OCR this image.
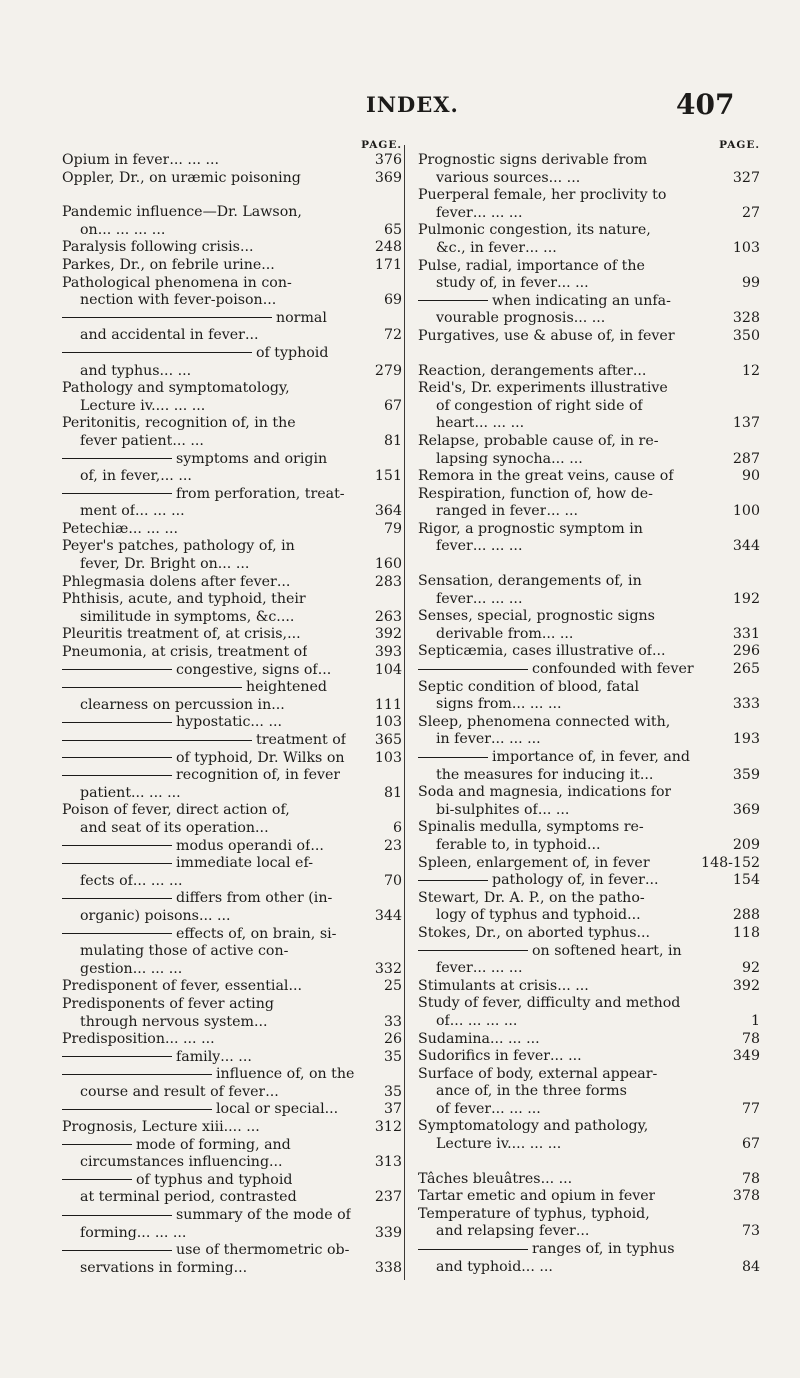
INDEX.	407
PAGE.
Opium in fever ... ... ...	376
Oppler, Dr., on uræmic poisoning	369
Pandemic influence—Dr. Lawson,
on ... ... ... ...	65
Paralysis following crisis ...	248
Parkes, Dr., on febrile urine ...	171
Pathological phenomena in con-
nection with fever-poison ...	69
normal
and accidental in fever ...	72
of typhoid
and typhus ... ...	279
Pathology and symptomatology,
Lecture iv. ... ... ...	67
Peritonitis, recognition of, in the
fever patient ... ...	81
symptoms and origin
of, in fever, ... ...	151
from perforation, treat-
ment of ... ... ...	364
Petechiæ ... ... ...	79
Peyer's patches, pathology of, in
fever, Dr. Bright on ... ...	160
Phlegmasia dolens after fever ...	283
Phthisis, acute, and typhoid, their
similitude in symptoms, &c. ...	263
Pleuritis treatment of, at crisis, ...	392
Pneumonia, at crisis, treatment of	393
congestive, signs of ...	104
heightened
clearness on percussion in ...	111
hypostatic ... ...	103
treatment of 365
of typhoid, Dr. Wilks on 103
recognition of, in fever
patient ... ... ...	81
Poison of fever, direct action of,
and seat of its operation ...	6
modus operandi of ...	23
immediate local ef-
fects of ... ... ...	70
differs from other (in-
organic) poisons ... ...	344
effects of, on brain, si-
mulating those of active con-
gestion ... ... ...	332
Predisponent of fever, essential ...	25
Predisponents of fever acting
through nervous system ...	33
Predisposition ... ... ...	26
family ... ...	35
influence of, on the
course and result of fever ...	35
local or special ...	37
Prognosis, Lecture xiii. ... ...	312
mode of forming, and
circumstances influencing ...	313
of typhus and typhoid
at terminal period, contrasted	237
summary of the mode of
forming ... ... ...	339
use of thermometric ob-
servations in forming ...	338
PAGE.
Prognostic signs derivable from
various sources ... ...	327
Puerperal female, her proclivity to
fever ... ... ...	27
Pulmonic congestion, its nature,
&c., in fever ... ...	103
Pulse, radial, importance of the
study of, in fever ... ...	99
when indicating an unfa-
vourable prognosis ... ...	328
Purgatives, use & abuse of, in fever	350
Reaction, derangements after ...	12
Reid's, Dr. experiments illustrative
of congestion of right side of
heart ... ... ...	137
Relapse, probable cause of, in re-
lapsing synocha ... ...	287
Remora in the great veins, cause of	90
Respiration, function of, how de-
ranged in fever ... ...	100
Rigor, a prognostic symptom in
fever ... ... ...	344
Sensation, derangements of, in
fever ... ... ...	192
Senses, special, prognostic signs
derivable from ... ...	331
Septicæmia, cases illustrative of ...	296
confounded with fever	265
Septic condition of blood, fatal
signs from ... ... ...	333
Sleep, phenomena connected with,
in fever ... ... ...	193
importance of, in fever, and
the measures for inducing it ...	359
Soda and magnesia, indications for
bi-sulphites of ... ...	369
Spinalis medulla, symptoms re-
ferable to, in typhoid ...	209
Spleen, enlargement of, in fever	148-152
pathology of, in fever ...	154
Stewart, Dr. A. P., on the patho-
logy of typhus and typhoid ...	288
Stokes, Dr., on aborted typhus ...	118
on softened heart, in
fever ... ... ...	92
Stimulants at crisis ... ...	392
Study of fever, difficulty and method
of ... ... ... ...	1
Sudamina ... ... ...	78
Sudorifics in fever ... ...	349
Surface of body, external appear-
ance of, in the three forms
of fever ... ... ...	77
Symptomatology and pathology,
Lecture iv. ... ... ...	67
Tâches bleuâtres ... ...	78
Tartar emetic and opium in fever	378
Temperature of typhus, typhoid,
and relapsing fever ...	73
ranges of, in typhus
and typhoid ... ...	84
